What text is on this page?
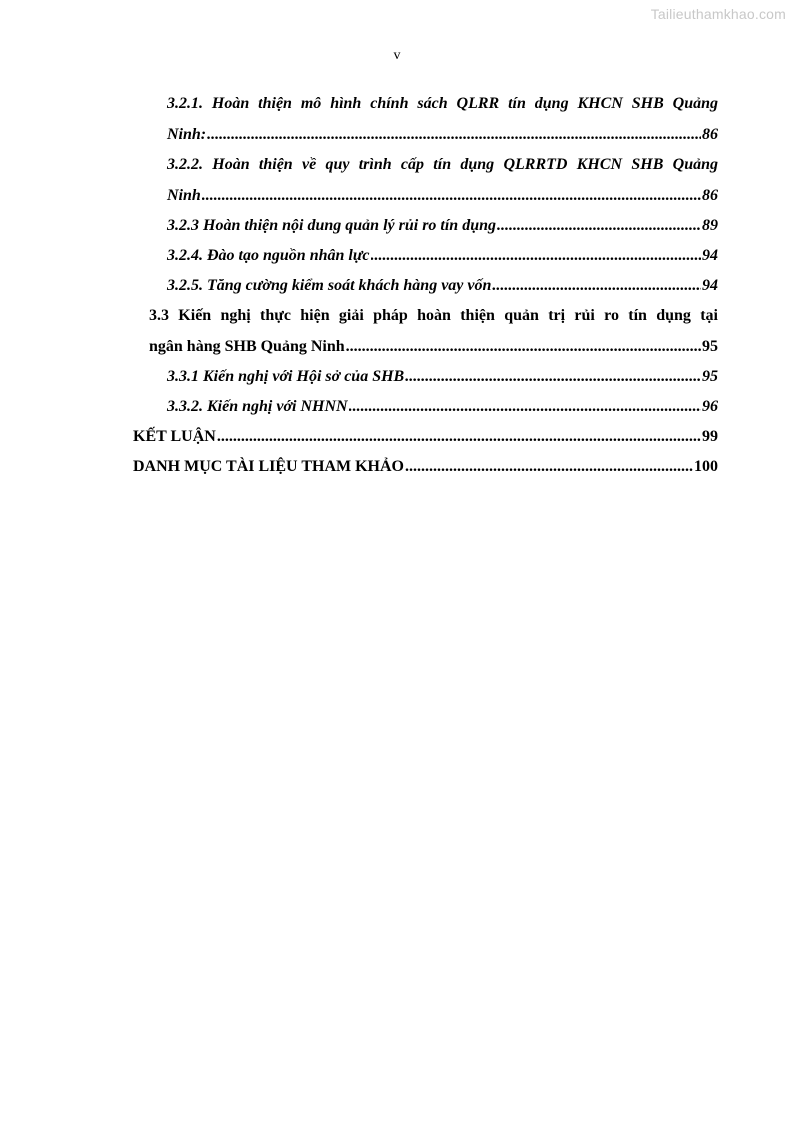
Tailieuthamkhao.com
v
3.2.1. Hoàn thiện mô hình chính sách QLRR tín dụng KHCN SHB Quảng
Ninh: .....	86
3.2.2. Hoàn thiện về quy trình cấp tín dụng QLRRTD KHCN SHB Quảng
Ninh .....	86
3.2.3 Hoàn thiện nội dung quản lý rủi ro tín dụng .....	89
3.2.4. Đào tạo nguồn nhân lực .....	94
3.2.5. Tăng cường kiểm soát khách hàng vay vốn .....	94
3.3 Kiến nghị thực hiện giải pháp hoàn thiện quản trị rủi ro tín dụng tại
ngân hàng SHB Quảng Ninh .....	95
3.3.1 Kiến nghị với Hội sở của SHB .....	95
3.3.2. Kiến nghị với NHNN .....	96
KẾT LUẬN .....	99
DANH MỤC TÀI LIỆU THAM KHẢO .....	100
